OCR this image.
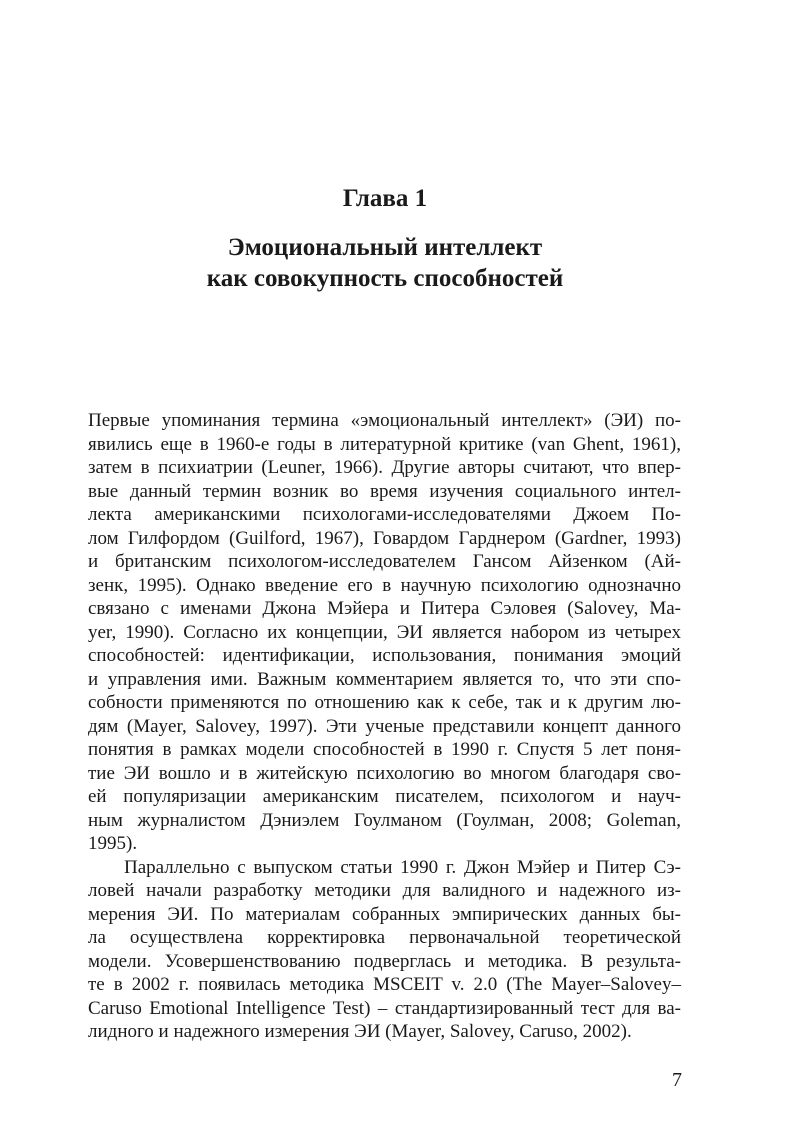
Глава 1
Эмоциональный интеллект
как совокупность способностей
Первые упоминания термина «эмоциональный интеллект» (ЭИ) по-
явились еще в 1960-е годы в литературной критике (van Ghent, 1961),
затем в психиатрии (Leuner, 1966). Другие авторы считают, что впер-
вые данный термин возник во время изучения социального интел-
лекта американскими психологами-исследователями Джоем По-
лом Гилфордом (Guilford, 1967), Говардом Гарднером (Gardner, 1993)
и британским психологом-исследователем Гансом Айзенком (Ай-
зенк, 1995). Однако введение его в научную психологию однозначно
связано с именами Джона Мэйера и Питера Сэловея (Salovey, Ма-
yer, 1990). Согласно их концепции, ЭИ является набором из четырех
способностей: идентификации, использования, понимания эмоций
и управления ими. Важным комментарием является то, что эти спо-
собности применяются по отношению как к себе, так и к другим лю-
дям (Mayer, Salovey, 1997). Эти ученые представили концепт данного
понятия в рамках модели способностей в 1990 г. Спустя 5 лет поня-
тие ЭИ вошло и в житейскую психологию во многом благодаря сво-
ей популяризации американским писателем, психологом и науч-
ным журналистом Дэниэлем Гоулманом (Гоулман, 2008; Goleman,
1995).
Параллельно с выпуском статьи 1990 г. Джон Мэйер и Питер Сэ-
ловей начали разработку методики для валидного и надежного из-
мерения ЭИ. По материалам собранных эмпирических данных бы-
ла осуществлена корректировка первоначальной теоретической
модели. Усовершенствованию подверглась и методика. В результа-
те в 2002 г. появилась методика MSCEIT v. 2.0 (The Mayer–Salovey–
Caruso Emotional Intelligence Test) – стандартизированный тест для ва-
лидного и надежного измерения ЭИ (Mayer, Salovey, Caruso, 2002).
7
